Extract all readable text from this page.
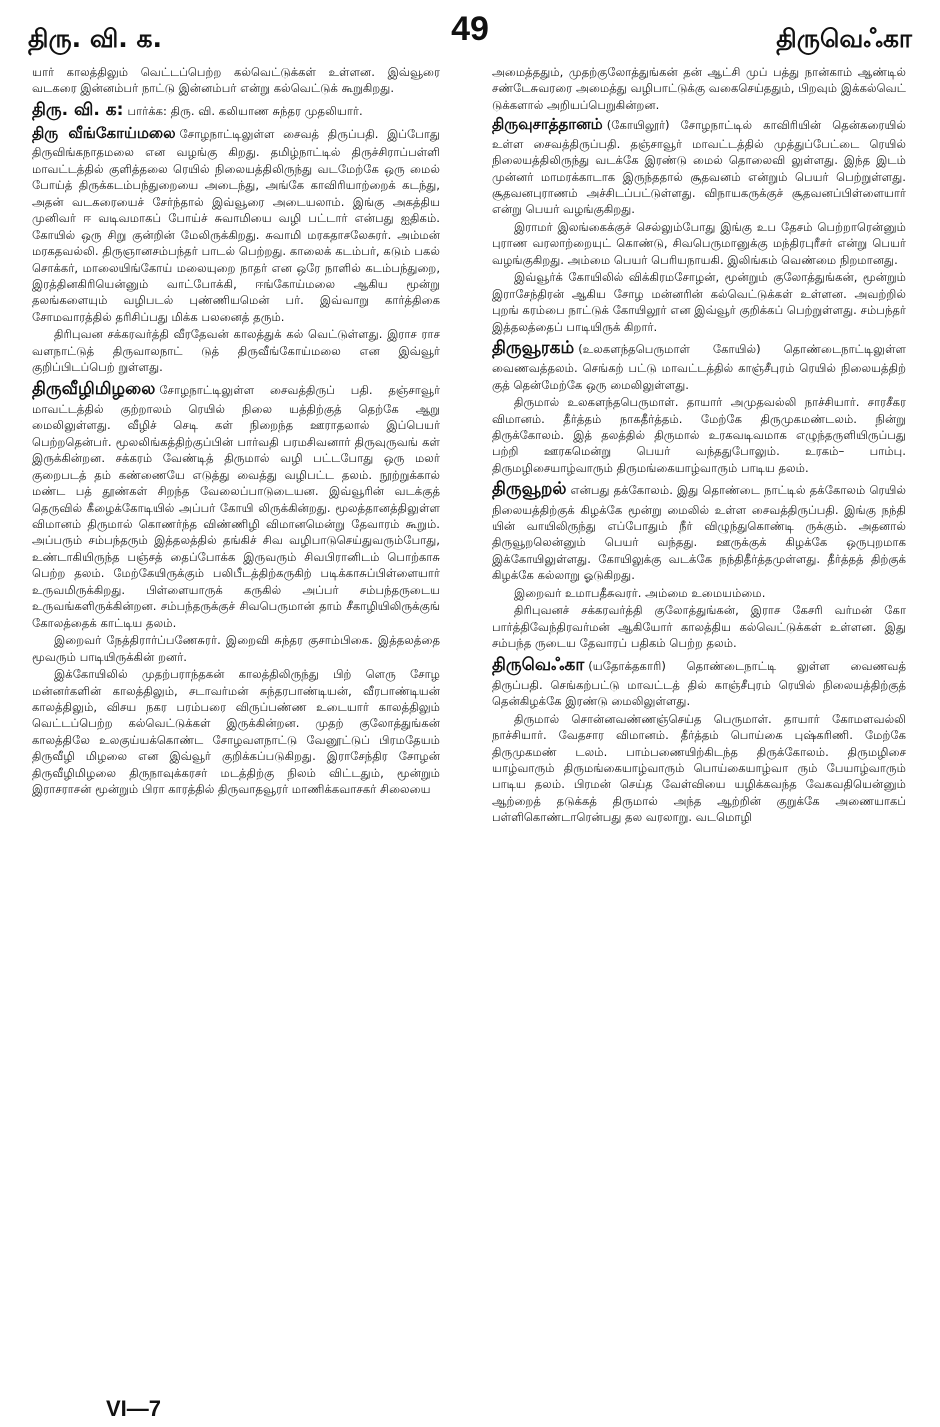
திரு. வி. க.	49	திருவெஃகா

யார் காலத்திலும் வெட்டப்பெற்ற கல்வெட்டுக்கள் உள்ளன. இவ்வூரை வடகரை இன்னம்பர் நாட்டு இன்னம்பர் என்று கல்வெட்டுக் கூறுகிறது.

திரு. வி. க: பார்க்க: திரு. வி. கலியாண சுந்தர முதலியார்.

திரு வீங்கோய்மலை சோழநாட்டிலுள்ள சைவத் திருப்பதி. இப்போது திருவிங்கநாதமலை என வழங்கு கிறது. தமிழ்நாட்டில் திருச்சிராப்பள்ளி மாவட்டத்தில் குளித்தலை ரெயில் நிலையத்திலிருந்து வடமேற்கே ஒரு மைல் போய்த் திருக்கடம்பந்துறையை அடைந்து, அங்கே காவிரியாற்றைக் கடந்து, அதன் வடகரையைச் சேர்ந்தால் இவ்வூரை அடையலாம். இங்கு அகத்திய முனிவர் ஈ வடிவமாகப் போய்ச் சுவாமியை வழி பட்டார் என்பது ஐதிகம். கோயில் ஒரு சிறு குன்றின் மேலிருக்கிறது. சுவாமி மரகதாசலேசுரர். அம்மன் மரகதவல்லி. திருஞானசம்பந்தர் பாடல் பெற்றது. காலைக் கடம்பர், கடும் பகல் சொக்கர், மாலையிங்கோய் மலையுறை நாதர் என ஒரே நாளில் கடம்பந்துறை, இரத்தினகிரியென்னும் வாட்போக்கி, ஈங்கோய்மலை ஆகிய மூன்று தலங்களையும் வழிபடல் புண்ணியமென் பர். இவ்வாறு கார்த்திகை சோமவாரத்தில் தரிசிப்பது மிக்க பலனைத் தரும்.

திரிபுவன சக்கரவர்த்தி வீரதேவன் காலத்துக் கல் வெட்டுள்ளது. இராச ராச வளநாட்டுத் திருவாலநாட் டுத் திருவீங்கோய்மலை என இவ்வூர் குறிப்பிடப்பெற் றுள்ளது.

திருவீழிமிழலை சோழநாட்டிலுள்ள சைவத்திருப் பதி. தஞ்சாவூர் மாவட்டத்தில் குற்றாலம் ரெயில் நிலை யத்திற்குத் தெற்கே ஆறு மைலிலுள்ளது. வீழிச் செடி கள் நிறைந்த ஊராதலால் இப்பெயர் பெற்றதென்பர். மூலலிங்கத்திற்குப்பின் பார்வதி பரமசிவனார் திருவுருவங் கள் இருக்கின்றன. சக்கரம் வேண்டித் திருமால் வழி பட்டபோது ஒரு மலர் குறைபடத் தம் கண்ணையே எடுத்து வைத்து வழிபட்ட தலம். நூற்றுக்கால் மண்ட பத் தூண்கள் சிறந்த வேலைப்பாடுடையன. இவ்வூரின் வடக்குத் தெருவில் கீழைக்கோடியில் அப்பர் கோயி லிருக்கின்றது. மூலத்தானத்திலுள்ள விமானம் திருமால் கொணர்ந்த விண்ணிழி விமானமென்று தேவாரம் கூறும். அப்பரும் சம்பந்தரும் இத்தலத்தில் தங்கிச் சிவ வழிபாடுசெய்துவரும்போது, உண்டாகியிருந்த பஞ்சத் தைப்போக்க இருவரும் சிவபிரானிடம் பொற்காசு பெற்ற தலம். மேற்கேயிருக்கும் பலிபீடத்திற்கருகிற் படிக்காசுப்பிள்ளையார் உருவமிருக்கிறது. பிள்ளையாருக் கருகில் அப்பர் சம்பந்தருடைய உருவங்களிருக்கின்றன. சம்பந்தருக்குச் சிவபெருமான் தாம் சீகாழியிலிருக்குங் கோலத்தைக் காட்டிய தலம்.

இறைவர் நேத்திரார்ப்பணேசுரர். இறைவி சுந்தர குசாம்பிகை. இத்தலத்தை மூவரும் பாடியிருக்கின் றனர்.

இக்கோயிலில் முதற்பராந்தகன் காலத்திலிருந்து பிற் ளெரு சோழ மன்னர்களின் காலத்திலும், சடாவர்மன் சுந்தரபாண்டியன், வீரபாண்டியன் காலத்திலும், விசய நகர பரம்பரை விருப்பண்ண உடையார் காலத்திலும் வெட்டப்பெற்ற கல்வெட்டுக்கள் இருக்கின்றன. முதற் குலோத்துங்கன் காலத்திலே உலகுய்யக்கொண்ட சோழவளநாட்டு வேனூட்டுப் பிரமதேயம் திருவீழி மிழலை என இவ்வூர் குறிக்கப்படுகிறது. இராசேந்திர சோழன் திருவீழிமிழலை திருநாவுக்கரசர் மடத்திற்கு நிலம் விட்டதும், மூன்றும் இராசராசன் மூன்றும் பிரா காரத்தில் திருவாதவூரர் மாணிக்கவாசகர் சிலையை

அமைத்ததும், முதற்குலோத்துங்கன் தன் ஆட்சி முப் பத்து நான்காம் ஆண்டில் சண்டேசுவரரை அமைத்து வழிபாட்டுக்கு வகைசெய்ததும், பிறவும் இக்கல்வெட் டுக்களால் அறியப்பெறுகின்றன.

திருவுசாத்தானம் (கோயிலூர்) சோழநாட்டில் காவிரியின் தென்கரையில் உள்ள சைவத்திருப்பதி. தஞ்சாவூர் மாவட்டத்தில் முத்துப்பேட்டை ரெயில் நிலையத்திலிருந்து வடக்கே இரண்டு மைல் தொலைவி லுள்ளது. இந்த இடம் முன்னர் மாமரக்காடாக இருந்ததால் சூதவனம் என்றும் பெயர் பெற்றுள்ளது. சூதவனபுராணம் அச்சிடப்பட்டுள்ளது. விநாயகருக்குச் சூதவனப்பிள்ளையார் என்று பெயர் வழங்குகிறது.

இராமர் இலங்கைக்குச் செல்லும்போது இங்கு உப தேசம் பெற்றாரென்னும் புராண வரலாற்றையுட் கொண்டு, சிவபெருமானுக்கு மந்திரபுரீசர் என்று பெயர் வழங்குகிறது. அம்மை பெயர் பெரியநாயகி. இலிங்கம் வெண்மை நிறமானது.

இவ்வூர்க் கோயிலில் விக்கிரமசோழன், மூன்றும் குலோத்துங்கன், மூன்றும் இராசேந்திரன் ஆகிய சோழ மன்னரின் கல்வெட்டுக்கள் உள்ளன. அவற்றில் புறங் கரம்பை நாட்டுக் கோயிலூர் என இவ்வூர் குறிக்கப் பெற்றுள்ளது. சம்பந்தர் இத்தலத்தைப் பாடியிருக் கிறார்.

திருவூரகம் (உலகளந்தபெருமாள் கோயில்) தொண்டைநாட்டிலுள்ள வைணவத்தலம். செங்கற் பட்டு மாவட்டத்தில் காஞ்சீபுரம் ரெயில் நிலையத்திற் குத் தென்மேற்கே ஒரு மைலிலுள்ளது.

திருமால் உலகளந்தபெருமாள். தாயார் அமுதவல்லி நாச்சியார். சாரசீகர விமானம். தீர்த்தம் நாகதீர்த்தம். மேற்கே திருமுகமண்டலம். நின்று திருக்கோலம். இத் தலத்தில் திருமால் உரகவடிவமாக எழுந்தருளியிருப்பது பற்றி ஊரகமென்று பெயர் வந்ததுபோலும். உரகம்– பாம்பு. திருமழிசையாழ்வாரும் திருமங்கையாழ்வாரும் பாடிய தலம்.

திருவூறல் என்பது தக்கோலம். இது தொண்டை நாட்டில் தக்கோலம் ரெயில் நிலையத்திற்குக் கிழக்கே மூன்று மைலில் உள்ள சைவத்திருப்பதி. இங்கு நந்தி யின் வாயிலிருந்து எப்போதும் நீர் விழுந்துகொண்டி ருக்கும். அதனால் திருவூறலென்னும் பெயர் வந்தது. ஊருக்குக் கிழக்கே ஒருபுறமாக இக்கோயிலுள்ளது. கோயிலுக்கு வடக்கே நந்திதீர்த்தமுள்ளது. தீர்த்தத் திற்குக் கிழக்கே கல்லாறு ஓடுகிறது.

இறைவர் உமாபதீசுவரர். அம்மை உமையம்மை.

திரிபுவனச் சக்கரவர்த்தி குலோத்துங்கன், இராச கேசரி வர்மன் கோ பார்த்திவேந்திரவர்மன் ஆகியோர் காலத்திய கல்வெட்டுக்கள் உள்ளன. இது சம்பந்த ருடைய தேவாரப் பதிகம் பெற்ற தலம்.

திருவெஃகா (யதோக்தகாரி) தொண்டைநாட்டி லுள்ள வைணவத் திருப்பதி. செங்கற்பட்டு மாவட்டத் தில் காஞ்சீபுரம் ரெயில் நிலையத்திற்குத் தென்கிழக்கே இரண்டு மைலிலுள்ளது.

திருமால் சொன்னவண்ணஞ்செய்த பெருமாள். தாயார் கோமளவல்லி நாச்சியார். வேதசார விமானம். தீர்த்தம் பொய்கை புஷ்கரிணி. மேற்கே திருமுகமண் டலம். பாம்பணையிற்கிடந்த திருக்கோலம். திருமழிசை யாழ்வாரும் திருமங்கையாழ்வாரும் பொய்கையாழ்வா ரும் பேயாழ்வாரும் பாடிய தலம். பிரமன் செய்த வேள்வியை யழிக்கவந்த வேகவதியென்னும் ஆற்றைத் தடுக்கத் திருமால் அந்த ஆற்றின் குறுக்கே அணையாகப் பள்ளிகொண்டாரென்பது தல வரலாறு. வடமொழி

VI—7
